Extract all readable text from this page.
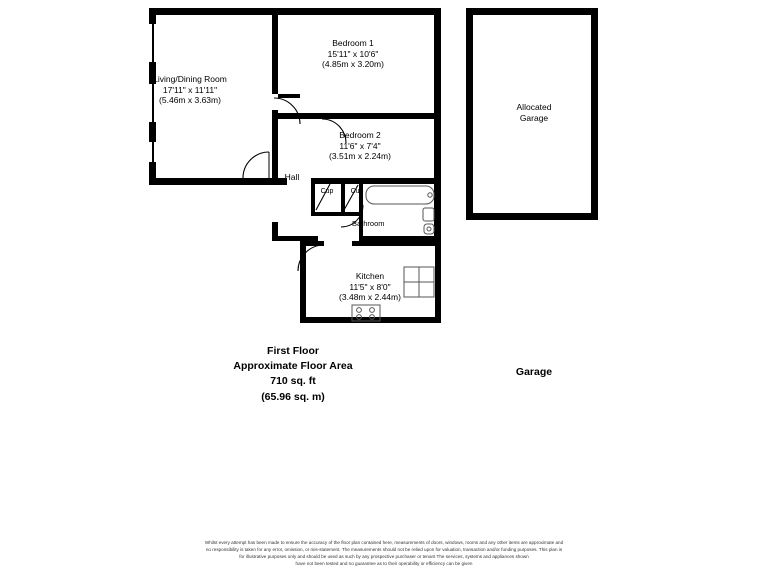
Living/Dining Room
17'11" x 11'11"
(5.46m x 3.63m)
Bedroom 1
15'11" x 10'6"
(4.85m x 3.20m)
Bedroom 2
11'6" x 7'4"
(3.51m x 2.24m)
Hall
Cup	Cup
Bathroom
Kitchen
11'5" x 8'0"
(3.48m x 2.44m)
Allocated
Garage
First Floor
Approximate Floor Area
710 sq. ft
(65.96 sq. m)
Garage
Whilst every attempt has been made to ensure the accuracy of the floor plan contained here, measurements of doors, windows, rooms and any other items are approximate and
no responsibility is taken for any error, omission, or mis-statement. The measurements should not be relied upon for valuation, transaction and/or funding purposes. This plan is
for illustrative purposes only and should be used as such by any prospective purchaser or tenant The services, systems and appliances shown
have not been tested and no guarantee as to their operability or efficiency can be given
